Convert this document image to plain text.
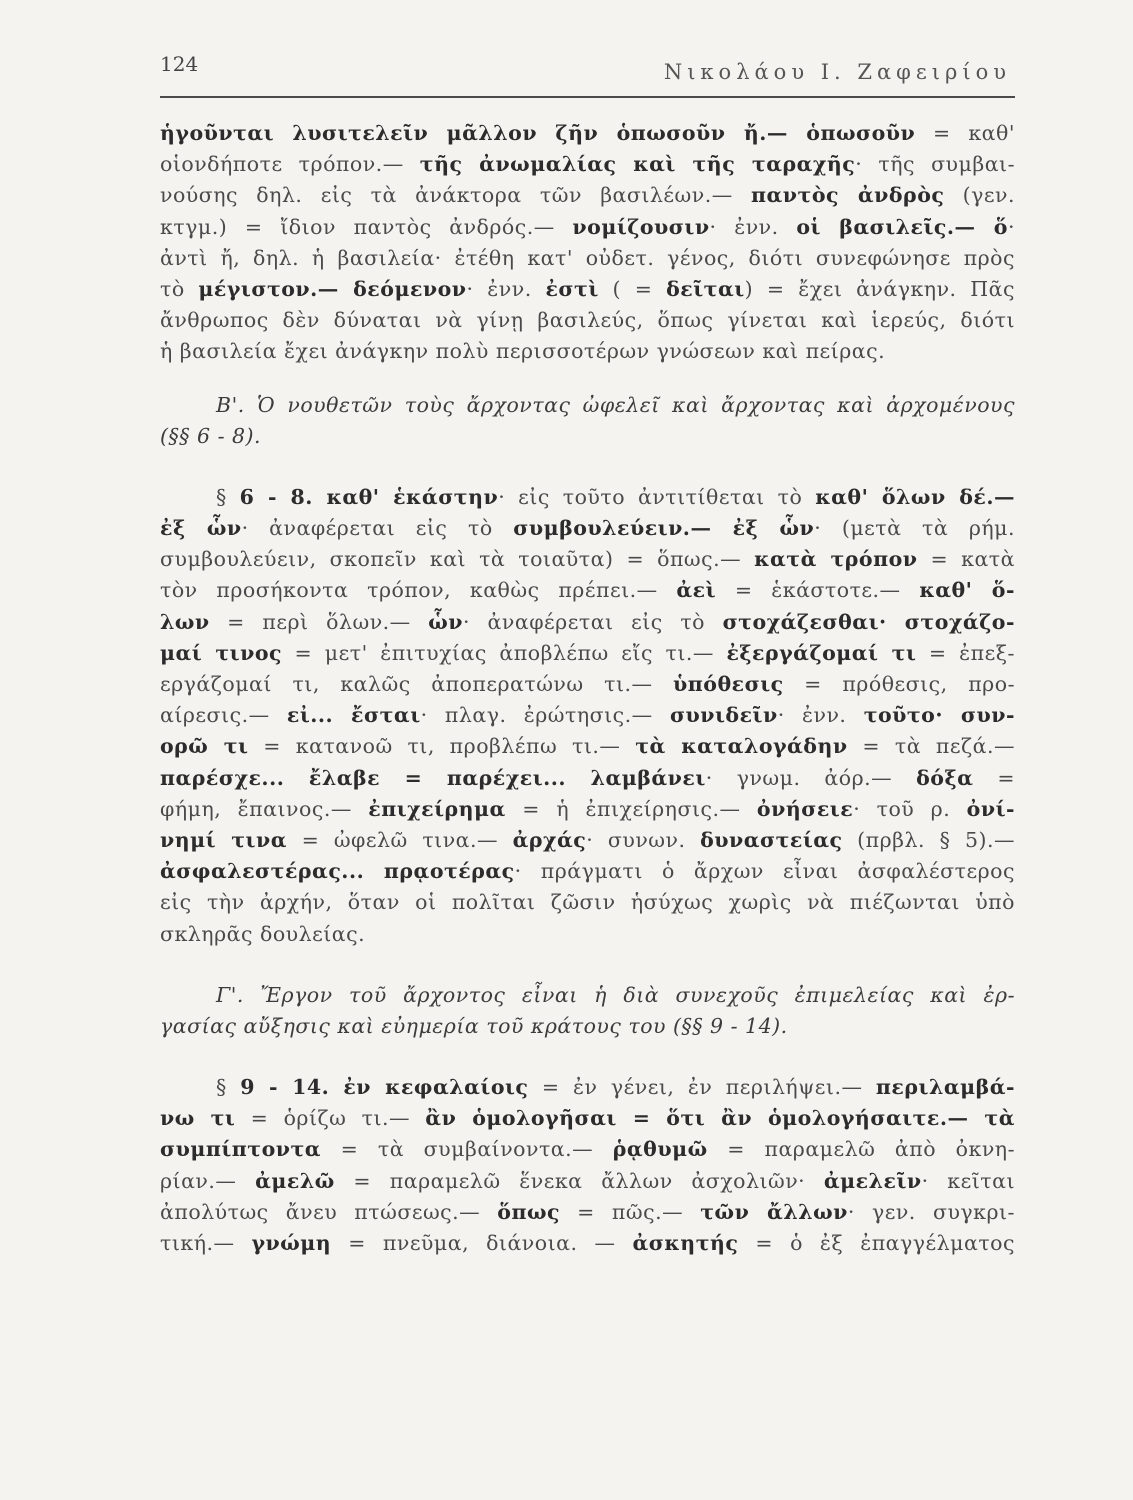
124	Νικολάου Ι. Ζαφειρίου
ἡγοῦνται λυσιτελεῖν μᾶλλον ζῆν ὁπωσοῦν ἤ.— ὁπωσοῦν = καθ'
οἱονδήποτε τρόπον.— τῆς ἀνωμαλίας καὶ τῆς ταραχῆς· τῆς συμβαι-
νούσης δηλ. εἰς τὰ ἀνάκτορα τῶν βασιλέων.— παντὸς ἀνδρὸς (γεν.
κτγμ.) = ἴδιον παντὸς ἀνδρός.— νομίζουσιν· ἐνν. οἱ βασιλεῖς.— ὅ·
ἀντὶ ἤ, δηλ. ἡ βασιλεία· ἐτέθη κατ' οὐδετ. γένος, διότι συνεφώνησε πρὸς
τὸ μέγιστον.— δεόμενον· ἐνν. ἐστὶ ( = δεῖται) = ἔχει ἀνάγκην. Πᾶς
ἄνθρωπος δὲν δύναται νὰ γίνῃ βασιλεύς, ὅπως γίνεται καὶ ἱερεύς, διότι
ἡ βασιλεία ἔχει ἀνάγκην πολὺ περισσοτέρων γνώσεων καὶ πείρας.
Β'. Ὁ νουθετῶν τοὺς ἄρχοντας ὠφελεῖ καὶ ἄρχοντας καὶ ἀρχομένους
(§§ 6 - 8).
§ 6 - 8. καθ' ἑκάστην· εἰς τοῦτο ἀντιτίθεται τὸ καθ' ὅλων δέ.—
ἐξ ὧν· ἀναφέρεται εἰς τὸ συμβουλεύειν.— ἐξ ὧν· (μετὰ τὰ ρήμ.
συμβουλεύειν, σκοπεῖν καὶ τὰ τοιαῦτα) = ὅπως.— κατὰ τρόπον = κατὰ
τὸν προσήκοντα τρόπον, καθὼς πρέπει.— ἀεὶ = ἑκάστοτε.— καθ' ὅ-
λων = περὶ ὅλων.— ὧν· ἀναφέρεται εἰς τὸ στοχάζεσθαι· στοχάζο-
μαί τινος = μετ' ἐπιτυχίας ἀποβλέπω εἴς τι.— ἐξεργάζομαί τι = ἐπεξ-
εργάζομαί τι, καλῶς ἀποπερατώνω τι.— ὑπόθεσις = πρόθεσις, προ-
αίρεσις.— εἰ... ἔσται· πλαγ. ἐρώτησις.— συνιδεῖν· ἐνν. τοῦτο· συν-
ορῶ τι = κατανοῶ τι, προβλέπω τι.— τὰ καταλογάδην = τὰ πεζά.—
παρέσχε... ἔλαβε = παρέχει... λαμβάνει· γνωμ. ἀόρ.— δόξα =
φήμη, ἔπαινος.— ἐπιχείρημα = ἡ ἐπιχείρησις.— ὀνήσειε· τοῦ ρ. ὀνί-
νημί τινα = ὠφελῶ τινα.— ἀρχάς· συνων. δυναστείας (πρβλ. § 5).—
ἀσφαλεστέρας... πρᾳοτέρας· πράγματι ὁ ἄρχων εἶναι ἀσφαλέστερος
εἰς τὴν ἀρχήν, ὅταν οἱ πολῖται ζῶσιν ἡσύχως χωρὶς νὰ πιέζωνται ὑπὸ
σκληρᾶς δουλείας.
Γ'. Ἔργον τοῦ ἄρχοντος εἶναι ἡ διὰ συνεχοῦς ἐπιμελείας καὶ ἐρ-
γασίας αὔξησις καὶ εὐημερία τοῦ κράτους του (§§ 9 - 14).
§ 9 - 14. ἐν κεφαλαίοις = ἐν γένει, ἐν περιλήψει.— περιλαμβά-
νω τι = ὁρίζω τι.— ἂν ὁμολογῆσαι = ὅτι ἂν ὁμολογήσαιτε.— τὰ
συμπίπτοντα = τὰ συμβαίνοντα.— ῥᾳθυμῶ = παραμελῶ ἀπὸ ὀκνη-
ρίαν.— ἀμελῶ = παραμελῶ ἕνεκα ἄλλων ἀσχολιῶν· ἀμελεῖν· κεῖται
ἀπολύτως ἄνευ πτώσεως.— ὅπως = πῶς.— τῶν ἄλλων· γεν. συγκρι-
τική.— γνώμη = πνεῦμα, διάνοια. — ἀσκητής = ὁ ἐξ ἐπαγγέλματος
